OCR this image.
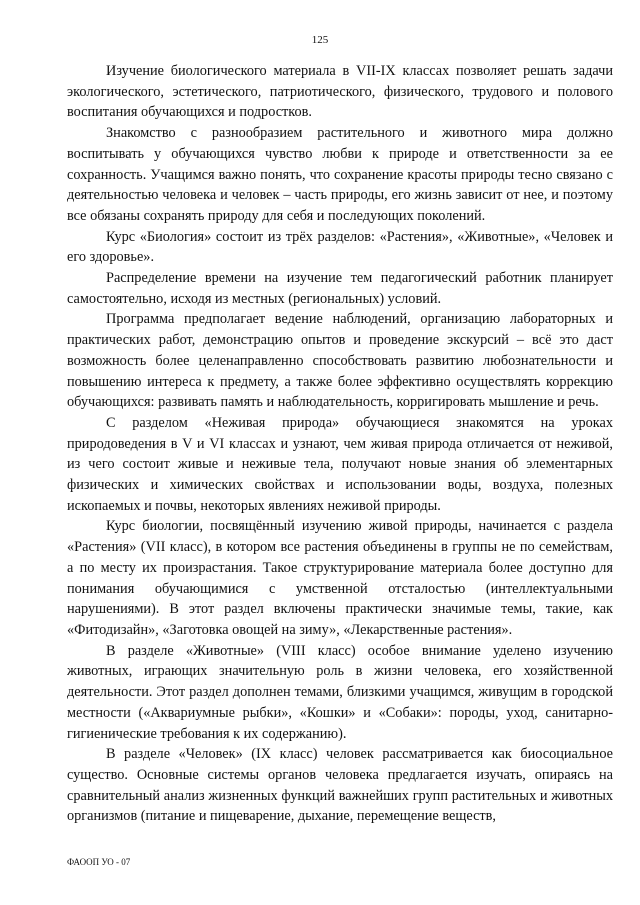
125

Изучение биологического материала в VII-IX классах позволяет решать задачи экологического, эстетического, патриотического, физического, трудового и полового воспитания обучающихся и подростков.

Знакомство с разнообразием растительного и животного мира должно воспитывать у обучающихся чувство любви к природе и ответственности за ее сохранность. Учащимся важно понять, что сохранение красоты природы тесно связано с деятельностью человека и человек – часть природы, его жизнь зависит от нее, и поэтому все обязаны сохранять природу для себя и последующих поколений.

Курс «Биология» состоит из трёх разделов: «Растения», «Животные», «Человек и его здоровье».

Распределение времени на изучение тем педагогический работник планирует самостоятельно, исходя из местных (региональных) условий.

Программа предполагает ведение наблюдений, организацию лабораторных и практических работ, демонстрацию опытов и проведение экскурсий – всё это даст возможность более целенаправленно способствовать развитию любознательности и повышению интереса к предмету, а также более эффективно осуществлять коррекцию обучающихся: развивать память и наблюдательность, корригировать мышление и речь.

С разделом «Неживая природа» обучающиеся знакомятся на уроках природоведения в V и VI классах и узнают, чем живая природа отличается от неживой, из чего состоит живые и неживые тела, получают новые знания об элементарных физических и химических свойствах и использовании воды, воздуха, полезных ископаемых и почвы, некоторых явлениях неживой природы.

Курс биологии, посвящённый изучению живой природы, начинается с раздела «Растения» (VII класс), в котором все растения объединены в группы не по семействам, а по месту их произрастания. Такое структурирование материала более доступно для понимания обучающимися с умственной отсталостью (интеллектуальными нарушениями). В этот раздел включены практически значимые темы, такие, как «Фитодизайн», «Заготовка овощей на зиму», «Лекарственные растения».

В разделе «Животные» (VIII класс) особое внимание уделено изучению животных, играющих значительную роль в жизни человека, его хозяйственной деятельности. Этот раздел дополнен темами, близкими учащимся, живущим в городской местности («Аквариумные рыбки», «Кошки» и «Собаки»: породы, уход, санитарно-гигиенические требования к их содержанию).

В разделе «Человек» (IX класс) человек рассматривается как биосоциальное существо. Основные системы органов человека предлагается изучать, опираясь на сравнительный анализ жизненных функций важнейших групп растительных и животных организмов (питание и пищеварение, дыхание, перемещение веществ,

ФАООП УО - 07
